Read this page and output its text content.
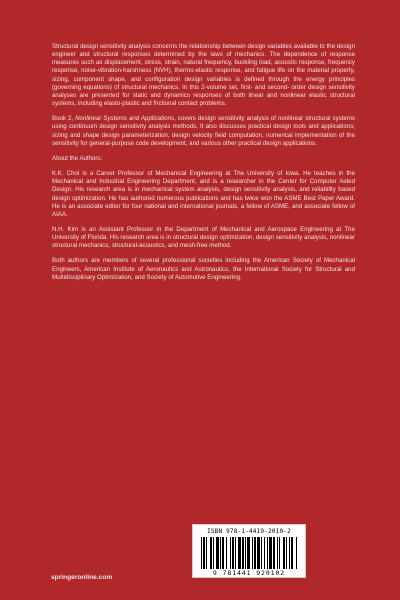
Structural design sensitivity analysis concerns the relationship between design variables available to the design engineer and structural responses determined by the laws of mechanics. The dependence of response measures such as displacement, stress, strain, natural frequency, buckling load, acoustic response, frequency response, noise-vibration-harshness (NVH), thermo-elastic response, and fatigue life on the material property, sizing, component shape, and configuration design variables is defined through the energy principles (governing equations) of structural mechanics. In this 2-volume set, first- and second- order design sensitivity analyses are presented for static and dynamics responses of both linear and nonlinear elastic structural systems, including elasto-plastic and frictional contact problems.

Book 2, Nonlinear Systems and Applications, covers design sensitivity analysis of nonlinear structural systems using continuum design sensitivity analysis methods. It also discusses practical design tools and applications; sizing and shape design parameterization, design velocity field computation, numerical implementation of the sensitivity for general-purpose code development, and various other practical design applications.

About the Authors:

K.K. Choi is a Carver Professor of Mechanical Engineering at The University of Iowa. He teaches in the Mechanical and Industrial Engineering Department, and is a researcher in the Center for Computer Aided Design. His research area is in mechanical system analysis, design sensitivity analysis, and reliability based design optimization. He has authored numerous publications and has twice won the ASME Best Paper Award. He is an associate editor for four national and international journals, a fellow of ASME, and associate fellow of AIAA.

N.H. Kim is an Assistant Professor in the Department of Mechanical and Aerospace Engineering at The University of Florida. His research area is in structural design optimization, design sensitivity analysis, nonlinear structural mechanics, structural-acoustics, and mesh-free method.

Both authors are members of several professional societies including the American Society of Mechanical Engineers, American Institute of Aeronautics and Astronautics, the International Society for Structural and Multidisciplinary Optimization, and Society of Automotive Engineering.

ISBN 978-1-4419-2010-2
9 781441 920102
springeronline.com
